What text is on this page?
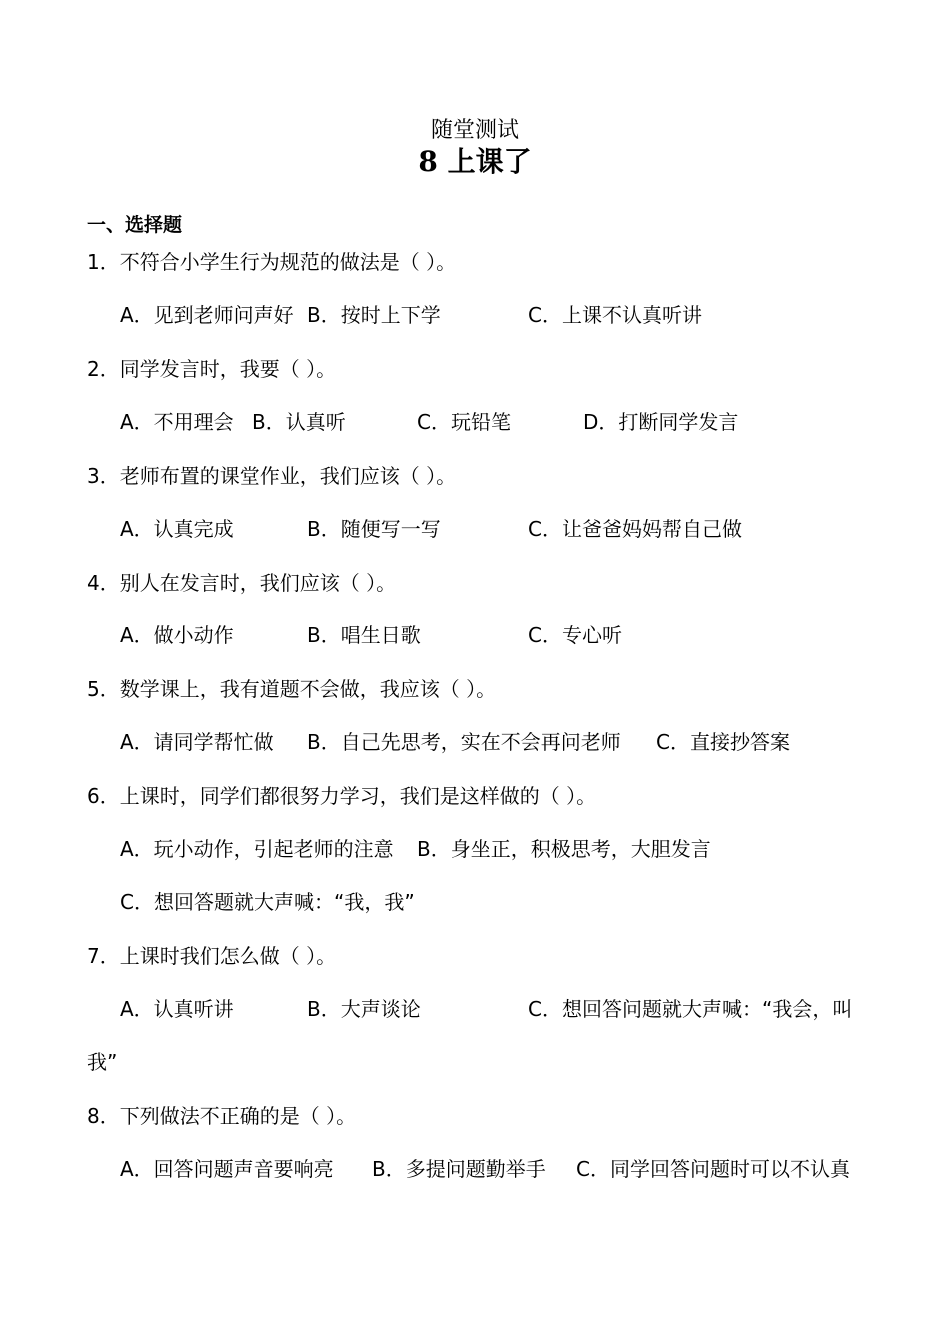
随堂测试
8 上课了
一、选择题
1．不符合小学生行为规范的做法是（ ）。
A．见到老师问声好 B．按时上下学	C．上课不认真听讲
2．同学发言时，我要（ ）。
A．不用理会 B．认真听	C．玩铅笔	D．打断同学发言
3．老师布置的课堂作业，我们应该（ ）。
A．认真完成	B．随便写一写	C．让爸爸妈妈帮自己做
4．别人在发言时，我们应该（ ）。
A．做小动作	B．唱生日歌	C．专心听
5．数学课上，我有道题不会做，我应该（ ）。
A．请同学帮忙做 B．自己先思考，实在不会再问老师 C．直接抄答案
6．上课时，同学们都很努力学习，我们是这样做的（ ）。
A．玩小动作，引起老师的注意 B．身坐正，积极思考，大胆发言
C．想回答题就大声喊：“我，我”
7．上课时我们怎么做（ ）。
A．认真听讲	B．大声谈论	C．想回答问题就大声喊：“我会，叫
我”
8．下列做法不正确的是（ ）。
A．回答问题声音要响亮 B．多提问题勤举手 C．同学回答问题时可以不认真
